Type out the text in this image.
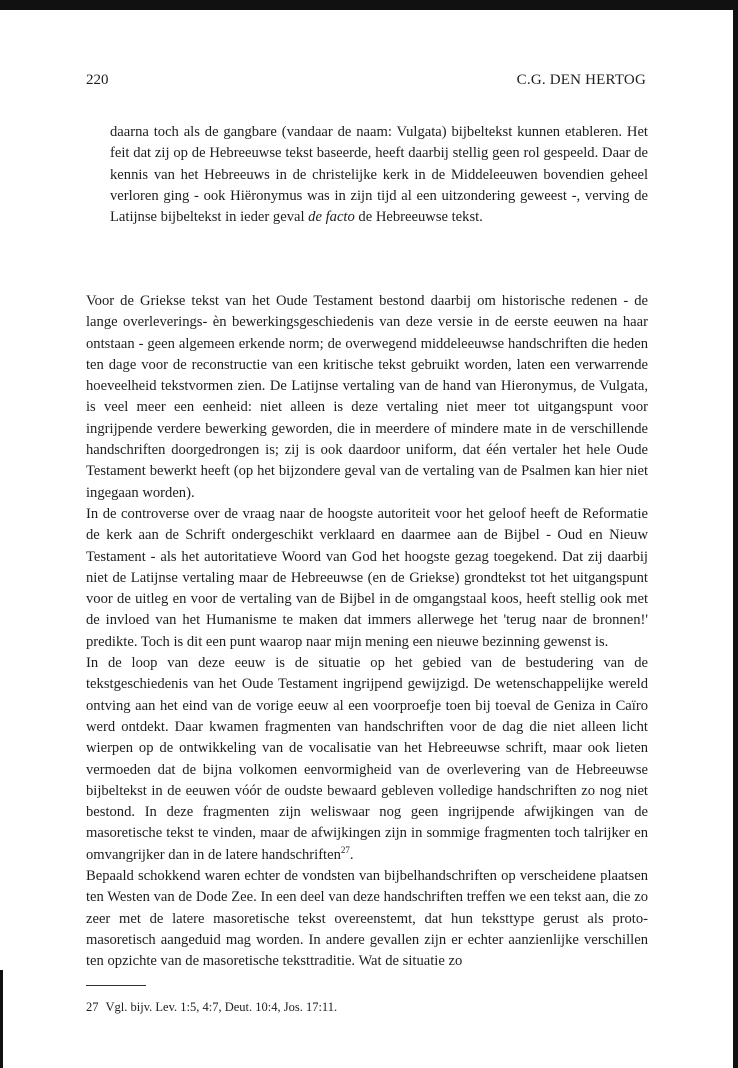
220	C.G. DEN HERTOG

daarna toch als de gangbare (vandaar de naam: Vulgata) bijbeltekst kunnen etableren. Het feit dat zij op de Hebreeuwse tekst baseerde, heeft daarbij stellig geen rol gespeeld. Daar de kennis van het Hebreeuws in de christelijke kerk in de Middeleeuwen bovendien geheel verloren ging - ook Hiëronymus was in zijn tijd al een uitzondering geweest -, verving de Latijnse bijbeltekst in ieder geval de facto de Hebreeuwse tekst.

Voor de Griekse tekst van het Oude Testament bestond daarbij om historische redenen - de lange overleverings- èn bewerkingsgeschiedenis van deze versie in de eerste eeuwen na haar ontstaan - geen algemeen erkende norm; de overwegend middeleeuwse handschriften die heden ten dage voor de reconstructie van een kritische tekst gebruikt worden, laten een verwarrende hoeveelheid tekstvormen zien. De Latijnse vertaling van de hand van Hieronymus, de Vulgata, is veel meer een eenheid: niet alleen is deze vertaling niet meer tot uitgangspunt voor ingrijpende verdere bewerking geworden, die in meerdere of mindere mate in de verschillende handschriften doorgedrongen is; zij is ook daardoor uniform, dat één vertaler het hele Oude Testament bewerkt heeft (op het bijzondere geval van de vertaling van de Psalmen kan hier niet ingegaan worden).

In de controverse over de vraag naar de hoogste autoriteit voor het geloof heeft de Reformatie de kerk aan de Schrift ondergeschikt verklaard en daarmee aan de Bijbel - Oud en Nieuw Testament - als het autoritatieve Woord van God het hoogste gezag toegekend. Dat zij daarbij niet de Latijnse vertaling maar de Hebreeuwse (en de Griekse) grondtekst tot het uitgangspunt voor de uitleg en voor de vertaling van de Bijbel in de omgangstaal koos, heeft stellig ook met de invloed van het Humanisme te maken dat immers allerwege het 'terug naar de bronnen!' predikte. Toch is dit een punt waarop naar mijn mening een nieuwe bezinning gewenst is.

In de loop van deze eeuw is de situatie op het gebied van de bestudering van de tekstgeschiedenis van het Oude Testament ingrijpend gewijzigd. De wetenschappelijke wereld ontving aan het eind van de vorige eeuw al een voorproefje toen bij toeval de Geniza in Caïro werd ontdekt. Daar kwamen fragmenten van handschriften voor de dag die niet alleen licht wierpen op de ontwikkeling van de vocalisatie van het Hebreeuwse schrift, maar ook lieten vermoeden dat de bijna volkomen eenvormigheid van de overlevering van de Hebreeuwse bijbeltekst in de eeuwen vóór de oudste bewaard gebleven volledige handschriften zo nog niet bestond. In deze fragmenten zijn weliswaar nog geen ingrijpende afwijkingen van de masoretische tekst te vinden, maar de afwijkingen zijn in sommige fragmenten toch talrijker en omvangrijker dan in de latere handschriften$^{27}$.

Bepaald schokkend waren echter de vondsten van bijbelhandschriften op verscheidene plaatsen ten Westen van de Dode Zee. In een deel van deze handschriften treffen we een tekst aan, die zo zeer met de latere masoretische tekst overeenstemt, dat hun teksttype gerust als proto-masoretisch aangeduid mag worden. In andere gevallen zijn er echter aanzienlijke verschillen ten opzichte van de masoretische teksttraditie. Wat de situatie zo

27 Vgl. bijv. Lev. 1:5, 4:7, Deut. 10:4, Jos. 17:11.
